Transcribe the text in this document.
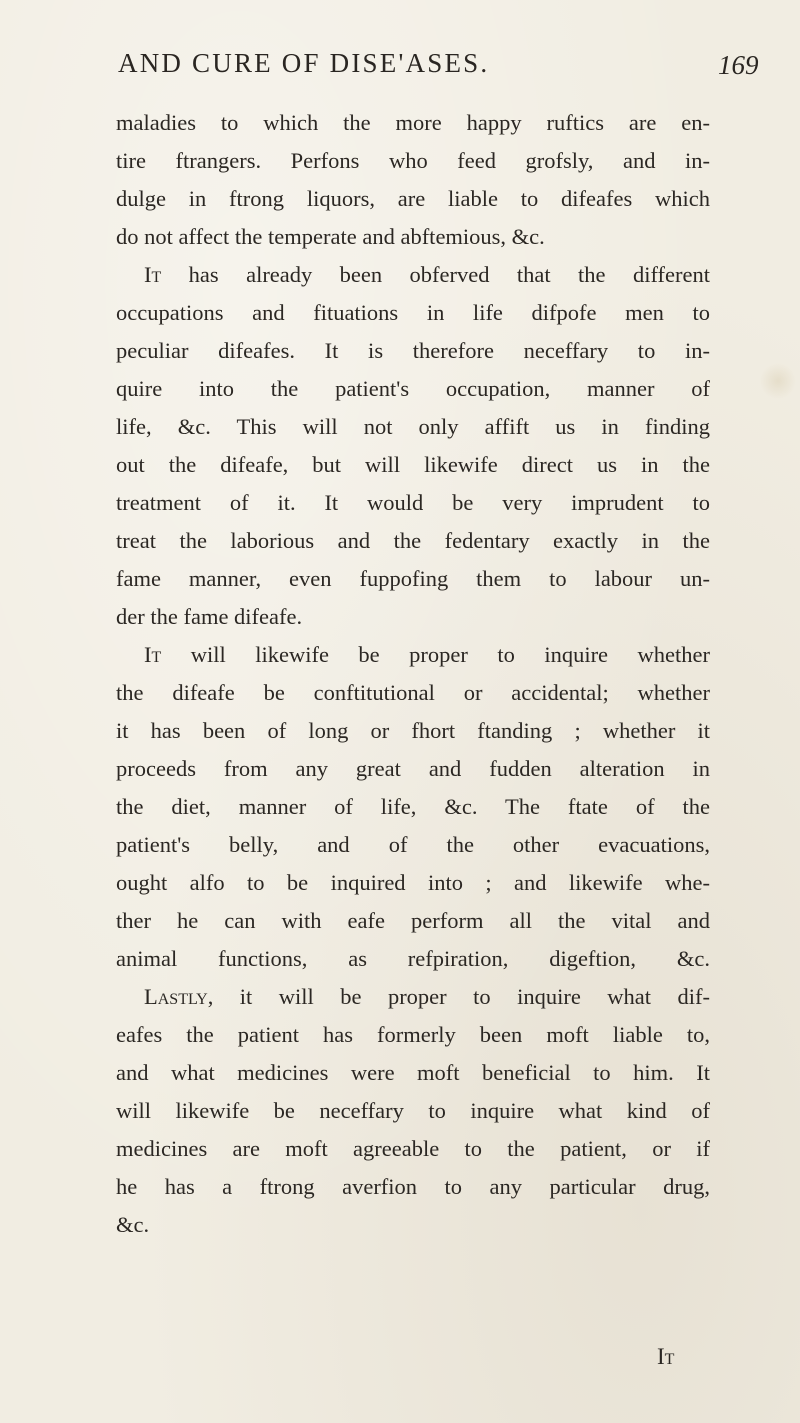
AND CURE OF DISE'ASES.	169
maladies to which the more happy ruftics are en-
tire ftrangers. Perfons who feed grofsly, and in-
dulge in ftrong liquors, are liable to difeafes which
do not affect the temperate and abftemious, &c.
It has already been obferved that the different
occupations and fituations in life difpofe men to
peculiar difeafes. It is therefore neceffary to in-
quire into the patient's occupation, manner of
life, &c. This will not only affift us in finding
out the difeafe, but will likewife direct us in the
treatment of it. It would be very imprudent to
treat the laborious and the fedentary exactly in the
fame manner, even fuppofing them to labour un-
der the fame difeafe.
It will likewife be proper to inquire whether
the difeafe be conftitutional or accidental; whether
it has been of long or fhort ftanding ; whether it
proceeds from any great and fudden alteration in
the diet, manner of life, &c. The ftate of the
patient's belly, and of the other evacuations,
ought alfo to be inquired into ; and likewife whe-
ther he can with eafe perform all the vital and
animal functions, as refpiration, digeftion, &c.
Lastly, it will be proper to inquire what dif-
eafes the patient has formerly been moft liable to,
and what medicines were moft beneficial to him. It
will likewife be neceffary to inquire what kind of
medicines are moft agreeable to the patient, or if
he has a ftrong averfion to any particular drug,
&c.
It
